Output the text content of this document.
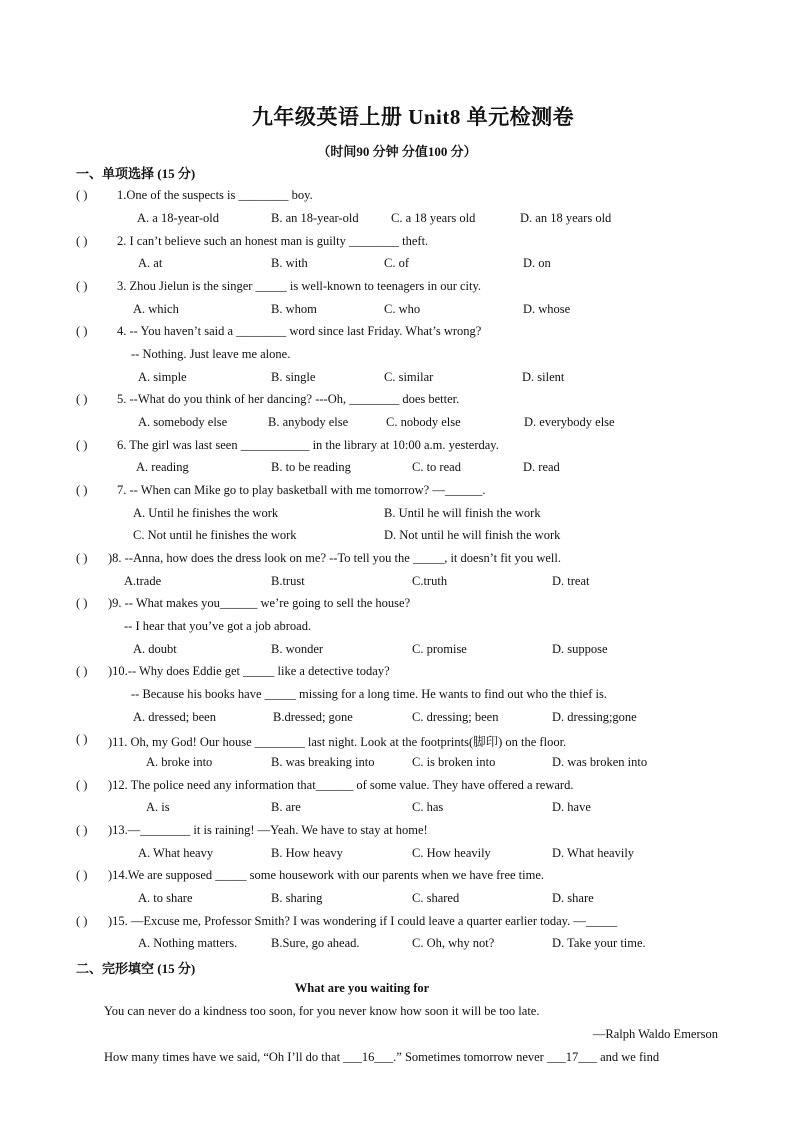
九年级英语上册 Unit8 单元检测卷
（时间90 分钟 分值100 分）
一、单项选择 (15 分)
( ) 1.One of the suspects is ________ boy.
A. a 18-year-old	B. an 18-year-old	C. a 18 years old	D. an 18 years old
( ) 2. I can’t believe such an honest man is guilty ________ theft.
A. at	B. with	C. of	D. on
( ) 3. Zhou Jielun is the singer _____ is well-known to teenagers in our city.
A. which	B. whom	C. who	D. whose
( ) 4. -- You haven’t said a ________ word since last Friday. What’s wrong?
-- Nothing. Just leave me alone.
A. simple	B. single	C. similar	D. silent
( ) 5. --What do you think of her dancing? ---Oh, ________ does better.
A. somebody else	B. anybody else	C. nobody else	D. everybody else
( ) 6. The girl was last seen ___________ in the library at 10:00 a.m. yesterday.
A. reading	B. to be reading	C. to read	D. read
( ) 7. -- When can Mike go to play basketball with me tomorrow? —______.
A. Until he finishes the work	B. Until he will finish the work
C. Not until he finishes the work	D. Not until he will finish the work
( ) )8. --Anna, how does the dress look on me? --To tell you the _____, it doesn’t fit you well.
A.trade	B.trust	C.truth	D. treat
( ) )9. -- What makes you______ we’re going to sell the house?
-- I hear that you’ve got a job abroad.
A. doubt	B. wonder	C. promise	D. suppose
( ) )10.-- Why does Eddie get _____ like a detective today?
-- Because his books have _____ missing for a long time. He wants to find out who the thief is.
A. dressed; been	B.dressed; gone	C. dressing; been	D. dressing;gone
( ) )11. Oh, my God! Our house ________ last night. Look at the footprints(脚印) on the floor.
A. broke into	B. was breaking into	C. is broken into	D. was broken into
( ) )12. The police need any information that______ of some value. They have offered a reward.
A. is	B. are	C. has	D. have
( ) )13.—________ it is raining! —Yeah. We have to stay at home!
A. What heavy	B. How heavy	C. How heavily	D. What heavily
( ) )14.We are supposed _____ some housework with our parents when we have free time.
A. to share	B. sharing	C. shared	D. share
( ) )15. —Excuse me, Professor Smith? I was wondering if I could leave a quarter earlier today. —_____
A. Nothing matters.	B.Sure, go ahead.	C. Oh, why not?	D. Take your time.
二、完形填空 (15 分)
What are you waiting for
You can never do a kindness too soon, for you never know how soon it will be too late.
—Ralph Waldo Emerson
How many times have we said, “Oh I’ll do that ___16___.” Sometimes tomorrow never ___17___ and we find
